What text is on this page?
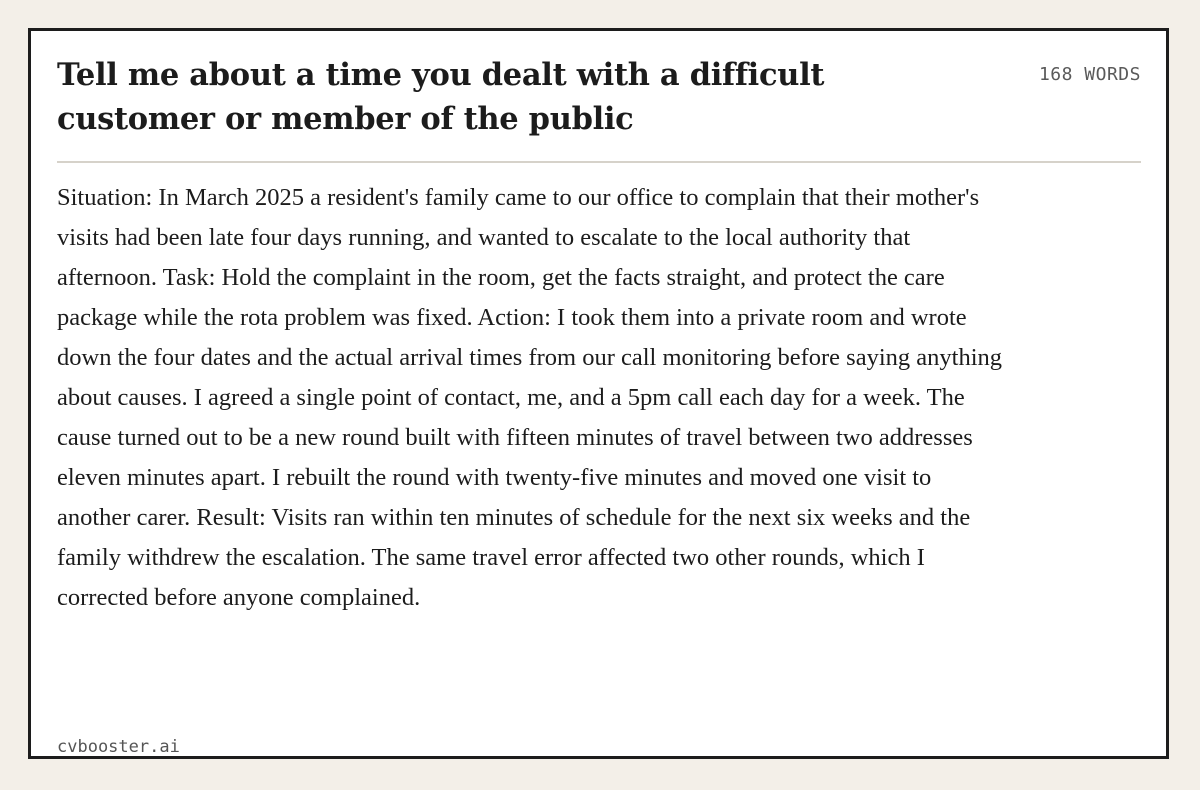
Tell me about a time you dealt with a difficult customer or member of the public
168 WORDS

Situation: In March 2025 a resident's family came to our office to complain that their mother's visits had been late four days running, and wanted to escalate to the local authority that afternoon. Task: Hold the complaint in the room, get the facts straight, and protect the care package while the rota problem was fixed. Action: I took them into a private room and wrote down the four dates and the actual arrival times from our call monitoring before saying anything about causes. I agreed a single point of contact, me, and a 5pm call each day for a week. The cause turned out to be a new round built with fifteen minutes of travel between two addresses eleven minutes apart. I rebuilt the round with twenty-five minutes and moved one visit to another carer. Result: Visits ran within ten minutes of schedule for the next six weeks and the family withdrew the escalation. The same travel error affected two other rounds, which I corrected before anyone complained.

cvbooster.ai
